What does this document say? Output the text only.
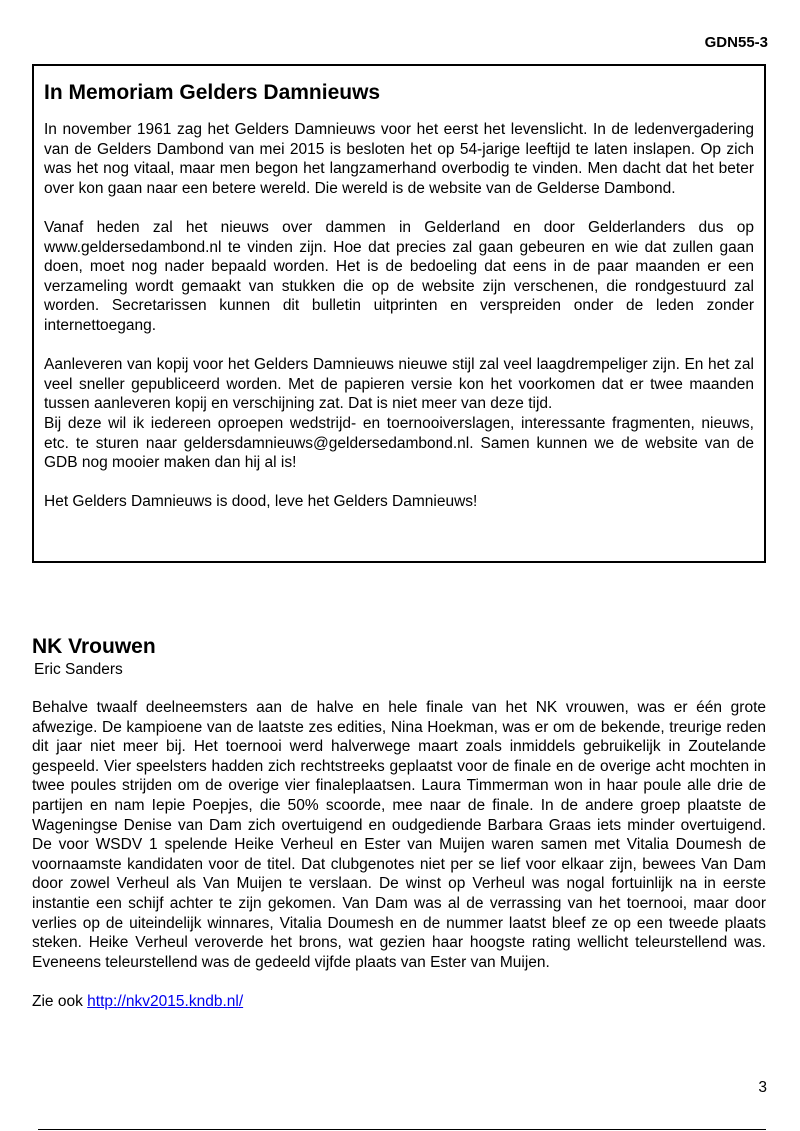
GDN55-3
In Memoriam Gelders Damnieuws

In november 1961 zag het Gelders Damnieuws voor het eerst het levenslicht. In de ledenvergadering van de Gelders Dambond van mei 2015 is besloten het op 54-jarige leeftijd te laten inslapen. Op zich was het nog vitaal, maar men begon het langzamerhand overbodig te vinden. Men dacht dat het beter over kon gaan naar een betere wereld. Die wereld is de website van de Gelderse Dambond.

Vanaf heden zal het nieuws over dammen in Gelderland en door Gelderlanders dus op www.geldersedambond.nl te vinden zijn. Hoe dat precies zal gaan gebeuren en wie dat zullen gaan doen, moet nog nader bepaald worden. Het is de bedoeling dat eens in de paar maanden er een verzameling wordt gemaakt van stukken die op de website zijn verschenen, die rondgestuurd zal worden. Secretarissen kunnen dit bulletin uitprinten en verspreiden onder de leden zonder internettoegang.

Aanleveren van kopij voor het Gelders Damnieuws nieuwe stijl zal veel laagdrempeliger zijn. En het zal veel sneller gepubliceerd worden. Met de papieren versie kon het voorkomen dat er twee maanden tussen aanleveren kopij en verschijning zat. Dat is niet meer van deze tijd.

Bij deze wil ik iedereen oproepen wedstrijd- en toernooiverslagen, interessante fragmenten, nieuws, etc. te sturen naar geldersdamnieuws@geldersedambond.nl. Samen kunnen we de website van de GDB nog mooier maken dan hij al is!

Het Gelders Damnieuws is dood, leve het Gelders Damnieuws!

NK Vrouwen
Eric Sanders

Behalve twaalf deelneemsters aan de halve en hele finale van het NK vrouwen, was er één grote afwezige. De kampioene van de laatste zes edities, Nina Hoekman, was er om de bekende, treurige reden dit jaar niet meer bij. Het toernooi werd halverwege maart zoals inmiddels gebruikelijk in Zoutelande gespeeld. Vier speelsters hadden zich rechtstreeks geplaatst voor de finale en de overige acht mochten in twee poules strijden om de overige vier finaleplaatsen. Laura Timmerman won in haar poule alle drie de partijen en nam Iepie Poepjes, die 50% scoorde, mee naar de finale. In de andere groep plaatste de Wageningse Denise van Dam zich overtuigend en oudgediende Barbara Graas iets minder overtuigend. De voor WSDV 1 spelende Heike Verheul en Ester van Muijen waren samen met Vitalia Doumesh de voornaamste kandidaten voor de titel. Dat clubgenotes niet per se lief voor elkaar zijn, bewees Van Dam door zowel Verheul als Van Muijen te verslaan. De winst op Verheul was nogal fortuinlijk na in eerste instantie een schijf achter te zijn gekomen. Van Dam was al de verrassing van het toernooi, maar door verlies op de uiteindelijk winnares, Vitalia Doumesh en de nummer laatst bleef ze op een tweede plaats steken. Heike Verheul veroverde het brons, wat gezien haar hoogste rating wellicht teleurstellend was. Eveneens teleurstellend was de gedeeld vijfde plaats van Ester van Muijen.

Zie ook http://nkv2015.kndb.nl/

3
